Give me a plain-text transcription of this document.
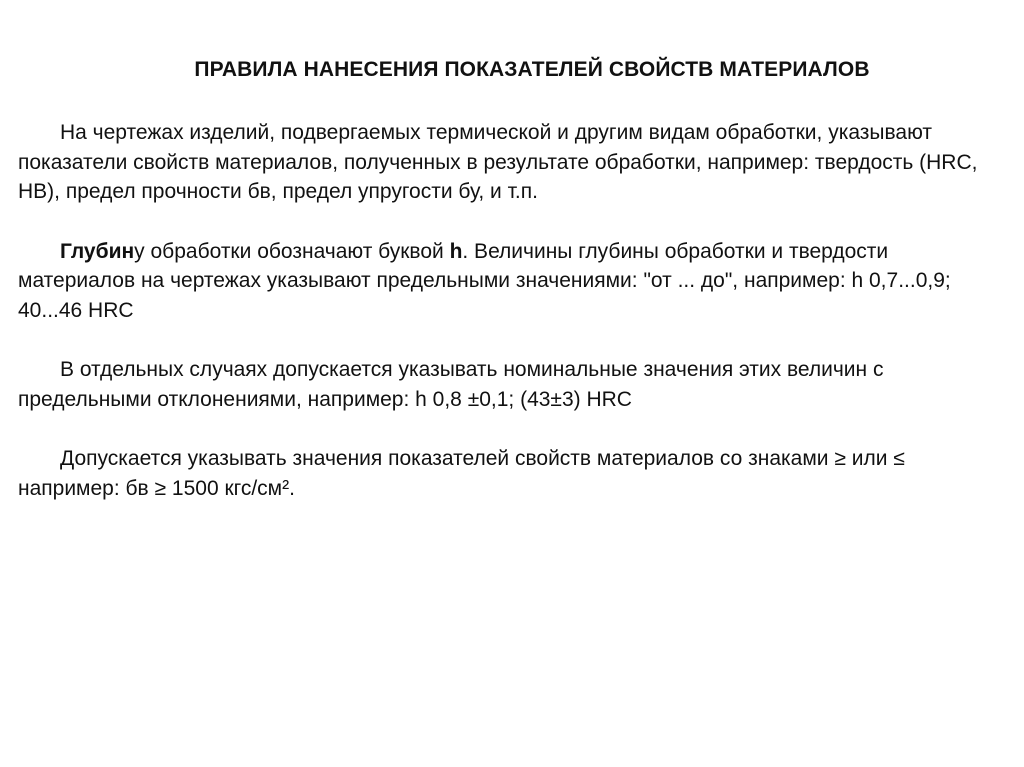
ПРАВИЛА НАНЕСЕНИЯ ПОКАЗАТЕЛЕЙ СВОЙСТВ МАТЕРИАЛОВ

На чертежах изделий, подвергаемых термической и другим видам обработки, указывают показатели свойств материалов, полученных в результате обработки, например: твердость (HRC, HB), предел прочности бв, предел упругости бу, и т.п.

Глубину обработки обозначают буквой h. Величины глубины обработки и твердости материалов на чертежах указывают предельными значениями: "от ... до", например: h 0,7...0,9; 40...46 HRC

В отдельных случаях допускается указывать номинальные значения этих величин с предельными отклонениями, например: h 0,8 ±0,1; (43±3) HRC

Допускается указывать значения показателей свойств материалов со знаками ≥ или ≤ например: бв ≥ 1500 кгс/см².
